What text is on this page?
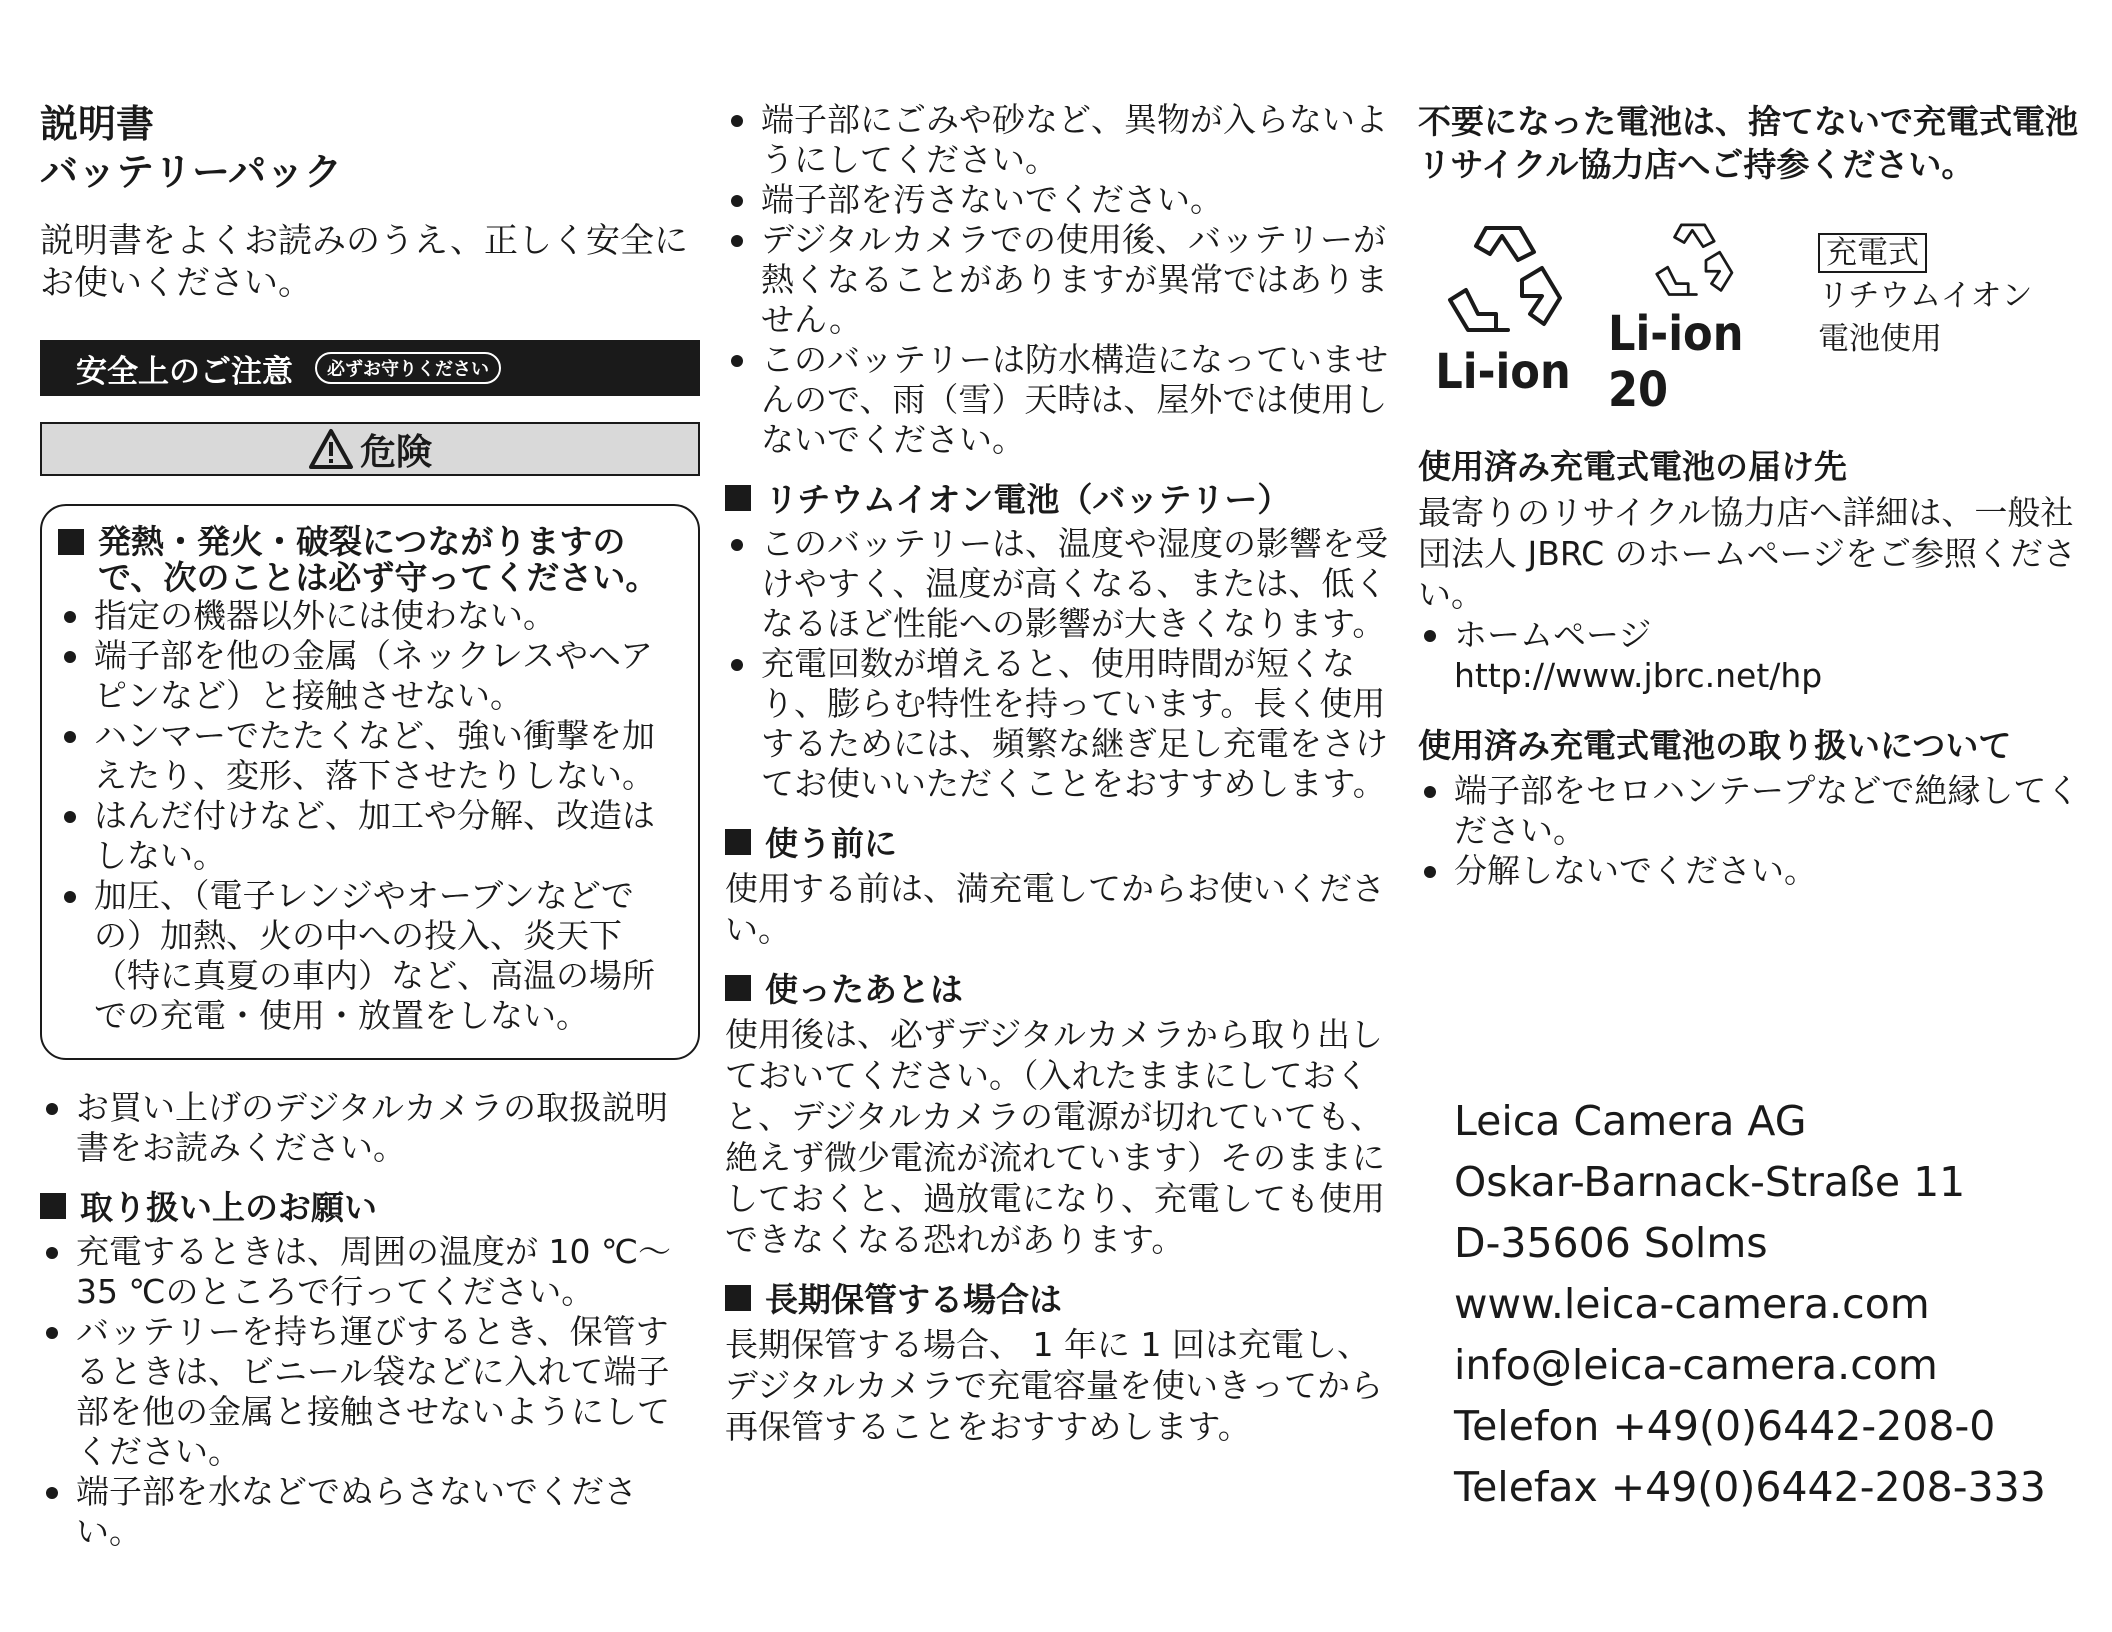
説明書
バッテリーパック

説明書をよくお読みのうえ、正しく安全にお使いください。

安全上のご注意	必ずお守りください
危険
発熱・発火・破裂につながりますので、次のことは必ず守ってください。
指定の機器以外には使わない。
端子部を他の金属（ネックレスやヘアピンなど）と接触させない。
ハンマーでたたくなど、強い衝撃を加えたり、変形、落下させたりしない。
はんだ付けなど、加工や分解、改造はしない。
加圧、（電子レンジやオーブンなどでの）加熱、火の中への投入、炎天下（特に真夏の車内）など、高温の場所での充電・使用・放置をしない。
お買い上げのデジタルカメラの取扱説明書をお読みください。
取り扱い上のお願い
充電するときは、周囲の温度が 10 ℃〜 35 ℃のところで行ってください。
バッテリーを持ち運びするとき、保管するときは、ビニール袋などに入れて端子部を他の金属と接触させないようにしてください。
端子部を水などでぬらさないでください。
端子部にごみや砂など、異物が入らないようにしてください。
端子部を汚さないでください。
デジタルカメラでの使用後、バッテリーが熱くなることがありますが異常ではありません。
このバッテリーは防水構造になっていませんので、雨（雪）天時は、屋外では使用しないでください。
リチウムイオン電池（バッテリー）
このバッテリーは、温度や湿度の影響を受けやすく、温度が高くなる、または、低くなるほど性能への影響が大きくなります。
充電回数が増えると、使用時間が短くなり、膨らむ特性を持っています。長く使用するためには、頻繁な継ぎ足し充電をさけてお使いいただくことをおすすめします。
使う前に

使用する前は、満充電してからお使いください。

使ったあとは

使用後は、必ずデジタルカメラから取り出しておいてください。（入れたままにしておくと、デジタルカメラの電源が切れていても、絶えず微少電流が流れています）そのままにしておくと、過放電になり、充電しても使用できなくなる恐れがあります。

長期保管する場合は

長期保管する場合、 1 年に 1 回は充電し、デジタルカメラで充電容量を使いきってから再保管することをおすすめします。

不要になった電池は、捨てないで充電式電池リサイクル協力店へご持参ください。

Li-ion
Li-ion 20
充電式
リチウムイオン
電池使用
使用済み充電式電池の届け先

最寄りのリサイクル協力店へ詳細は、一般社団法人 JBRC のホームページをご参照ください。

ホームページ
http://www.jbrc.net/hp
使用済み充電式電池の取り扱いについて
端子部をセロハンテープなどで絶縁してください。
分解しないでください。
Leica Camera AG
Oskar-Barnack-Straße 11
D-35606 Solms
www.leica-camera.com
info@leica-camera.com
Telefon +49(0)6442-208-0
Telefax +49(0)6442-208-333
